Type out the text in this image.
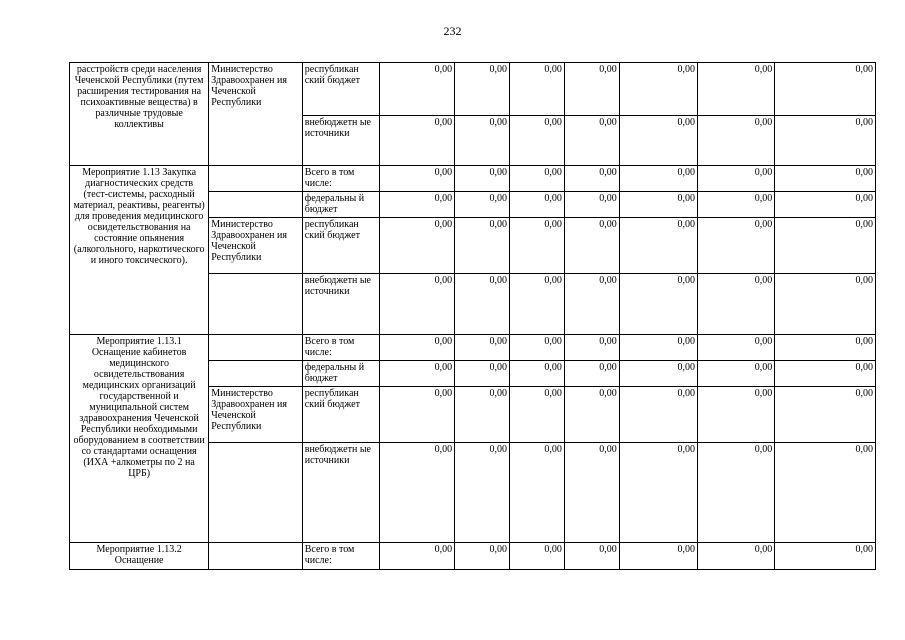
232
расстройств среди населения Чеченской Республики (путем расширения тестирования на психоактивные вещества) в различные трудовые коллективы	Министерство Здравоохранен ия Чеченской Республики	республикан ский бюджет	0,00	0,00	0,00	0,00	0,00	0,00	0,00
		внебюджетн ые источники	0,00	0,00	0,00	0,00	0,00	0,00	0,00
Мероприятие 1.13 Закупка диагностических средств (тест-системы, расходный материал, реактивы, реагенты) для проведения медицинского освидетельствования на состояние опьянения (алкогольного, наркотического и иного токсического).		Всего в том числе:	0,00	0,00	0,00	0,00	0,00	0,00	0,00
		федеральны й бюджет	0,00	0,00	0,00	0,00	0,00	0,00	0,00
	Министерство Здравоохранен ия Чеченской Республики	республикан ский бюджет	0,00	0,00	0,00	0,00	0,00	0,00	0,00
		внебюджетн ые источники	0,00	0,00	0,00	0,00	0,00	0,00	0,00
Мероприятие 1.13.1 Оснащение кабинетов медицинского освидетельствования медицинских организаций государственной и муниципальной систем здравоохранения Чеченской Республики необходимыми оборудованием в соответствии со стандартами оснащения (ИХА +алкометры по 2 на ЦРБ)		Всего в том числе:	0,00	0,00	0,00	0,00	0,00	0,00	0,00
		федеральны й бюджет	0,00	0,00	0,00	0,00	0,00	0,00	0,00
	Министерство Здравоохранен ия Чеченской Республики	республикан ский бюджет	0,00	0,00	0,00	0,00	0,00	0,00	0,00
		внебюджетн ые источники	0,00	0,00	0,00	0,00	0,00	0,00	0,00
Мероприятие 1.13.2 Оснащение		Всего в том числе:	0,00	0,00	0,00	0,00	0,00	0,00	0,00
